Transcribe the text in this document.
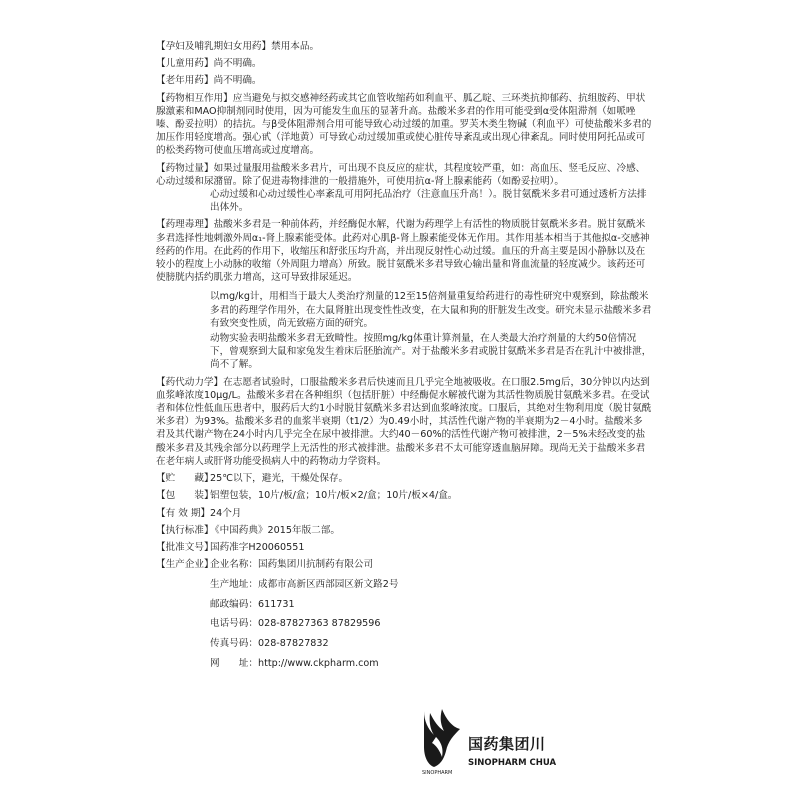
【孕妇及哺乳期妇女用药】 禁用本品。
【儿童用药】 尚不明确。
【老年用药】 尚不明确。

【药物相互作用】应当避免与拟交感神经药或其它血管收缩药如利血平、胍乙啶、三环类抗抑郁药、抗组胺药、甲状腺激素和MAO抑制剂同时使用，因为可能发生血压的显著升高。盐酸米多君的作用可能受到α受体阻滞剂（如哌唑嗪、酚妥拉明）的拮抗。与β受体阻滞剂合用可能导致心动过缓的加重。罗芙木类生物碱（利血平）可使盐酸米多君的加压作用轻度增高。强心甙（洋地黄）可导致心动过缓加重或使心脏传导紊乱或出现心律紊乱。同时使用阿托品或可的松类药物可使血压增高或过度增高。

【药物过量】如果过量服用盐酸米多君片，可出现不良反应的症状，其程度较严重，如：高血压、竖毛反应、冷感、心动过缓和尿潴留。除了促进毒物排泄的一般措施外，可使用抗α-肾上腺素能药（如酚妥拉明）。

心动过缓和心动过缓性心率紊乱可用阿托品治疗（注意血压升高！）。脱甘氨酰米多君可通过透析方法排出体外。

【药理毒理】盐酸米多君是一种前体药，并经酶促水解，代谢为药理学上有活性的物质脱甘氨酰米多君。脱甘氨酰米多君选择性地刺激外周α₁-肾上腺素能受体。此药对心肌β-肾上腺素能受体无作用。其作用基本相当于其他拟α-交感神经药的作用。在此药的作用下，收缩压和舒张压均升高，并出现反射性心动过缓。血压的升高主要是因小静脉以及在较小的程度上小动脉的收缩（外周阻力增高）所致。脱甘氨酰米多君导致心输出量和肾血流量的轻度减少。该药还可使膀胱内括约肌张力增高，这可导致排尿延迟。

以mg/kg计，用相当于最大人类治疗剂量的12至15倍剂量重复给药进行的毒性研究中观察到，除盐酸米多君的药理学作用外，在大鼠肾脏出现变性性改变，在大鼠和狗的肝脏发生改变。研究未显示盐酸米多君有致突变性质，尚无致癌方面的研究。

动物实验表明盐酸米多君无致畸性。按照mg/kg体重计算剂量，在人类最大治疗剂量的大约50倍情况下，曾观察到大鼠和家兔发生着床后胚胎流产。对于盐酸米多君或脱甘氨酰米多君是否在乳汁中被排泄，尚不了解。

【药代动力学】在志愿者试验时，口服盐酸米多君后快速而且几乎完全地被吸收。在口服2.5mg后，30分钟以内达到血浆峰浓度10μg/L。盐酸米多君在各种组织（包括肝脏）中经酶促水解被代谢为其活性物质脱甘氨酰米多君。在受试者和体位性低血压患者中，服药后大约1小时脱甘氨酰米多君达到血浆峰浓度。口服后，其绝对生物利用度（脱甘氨酰米多君）为93%。盐酸米多君的血浆半衰期（t1/2）为0.49小时，其活性代谢产物的半衰期为2－4小时。盐酸米多君及其代谢产物在24小时内几乎完全在尿中被排泄。大约40－60%的活性代谢产物可被排泄，2－5%未经改变的盐酸米多君及其残余部分以药理学上无活性的形式被排泄。盐酸米多君不太可能穿透血脑屏障。现尚无关于盐酸米多君在老年病人或肝肾功能受损病人中的药物动力学资料。

【贮　　藏】
25℃以下，避光，干燥处保存。
【包　　装】
铝塑包装，10片/板/盒；10片/板×2/盒；10片/板×4/盒。
【有 效 期】 24个月
【执行标准】
《中国药典》2015年版二部。
【批准文号】
国药准字H20060551
【生产企业】
企业名称： 国药集团川抗制药有限公司
生产地址： 成都市高新区西部园区新文路2号
邮政编码： 611731
电话号码： 028-87827363 87829596
传真号码： 028-87827832
网　　址： http://www.ckpharm.com
SINOPHARM
国药集团川
SINOPHARM CHUA
